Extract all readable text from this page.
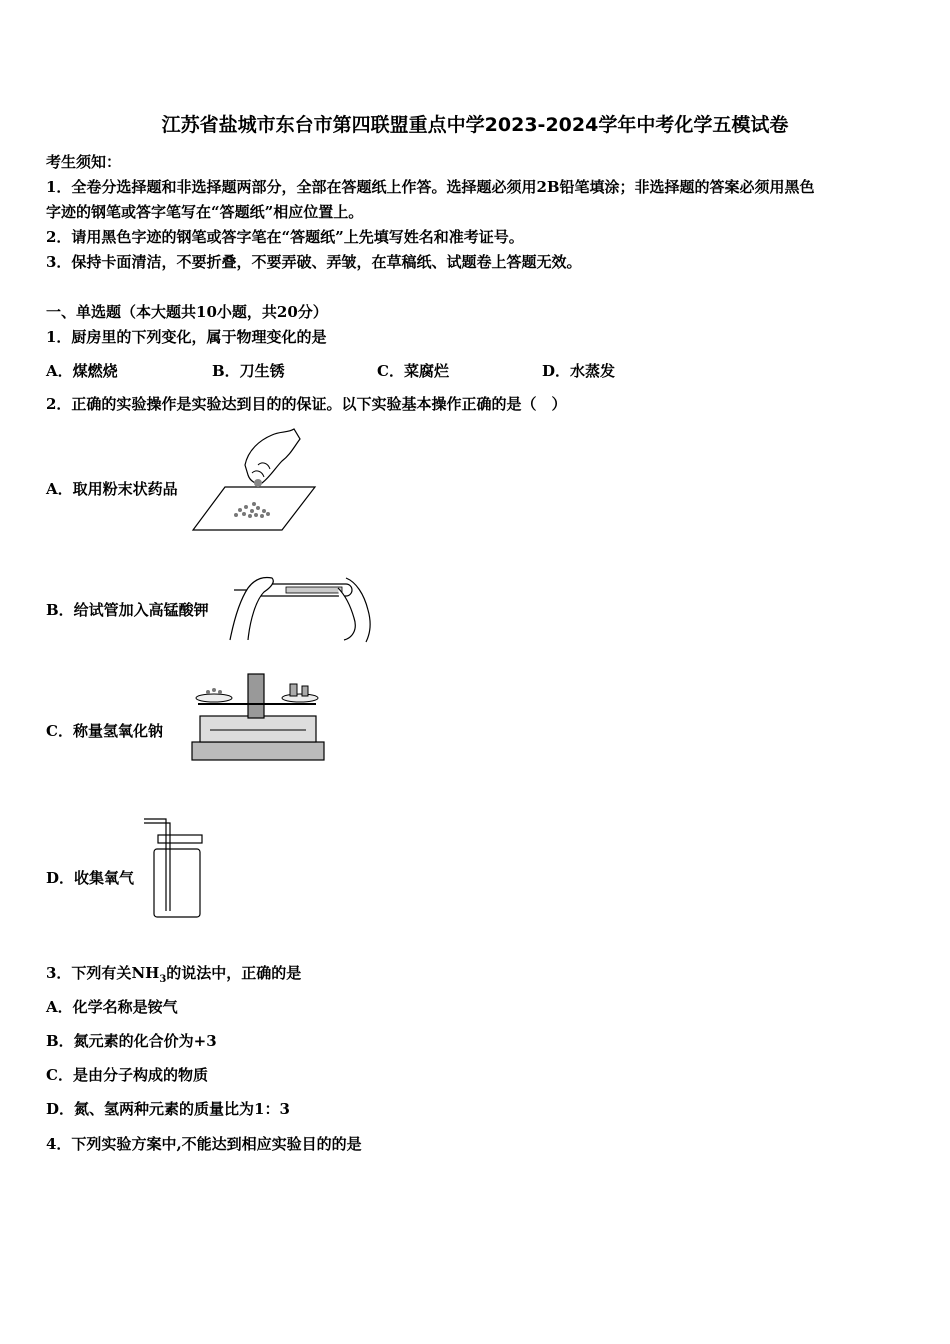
江苏省盐城市东台市第四联盟重点中学2023-2024学年中考化学五模试卷
考生须知：
1．全卷分选择题和非选择题两部分，全部在答题纸上作答。选择题必须用2B铅笔填涂；非选择题的答案必须用黑色
字迹的钢笔或答字笔写在“答题纸”相应位置上。
2．请用黑色字迹的钢笔或答字笔在“答题纸”上先填写姓名和准考证号。
3．保持卡面清洁，不要折叠，不要弄破、弄皱，在草稿纸、试题卷上答题无效。
一、单选题（本大题共10小题，共20分）
1．厨房里的下列变化，属于物理变化的是
A．煤燃烧	B．刀生锈	C．菜腐烂	D．水蒸发
2．正确的实验操作是实验达到目的的保证。以下实验基本操作正确的是（　）
A．取用粉末状药品
B．给试管加入高锰酸钾
C．称量氢氧化钠
D．收集氧气
3．下列有关$NH_3$的说法中，正确的是
A．化学名称是铵气
B．氮元素的化合价为+3
C．是由分子构成的物质
D．氮、氢两种元素的质量比为1：3
4．下列实验方案中,不能达到相应实验目的的是
